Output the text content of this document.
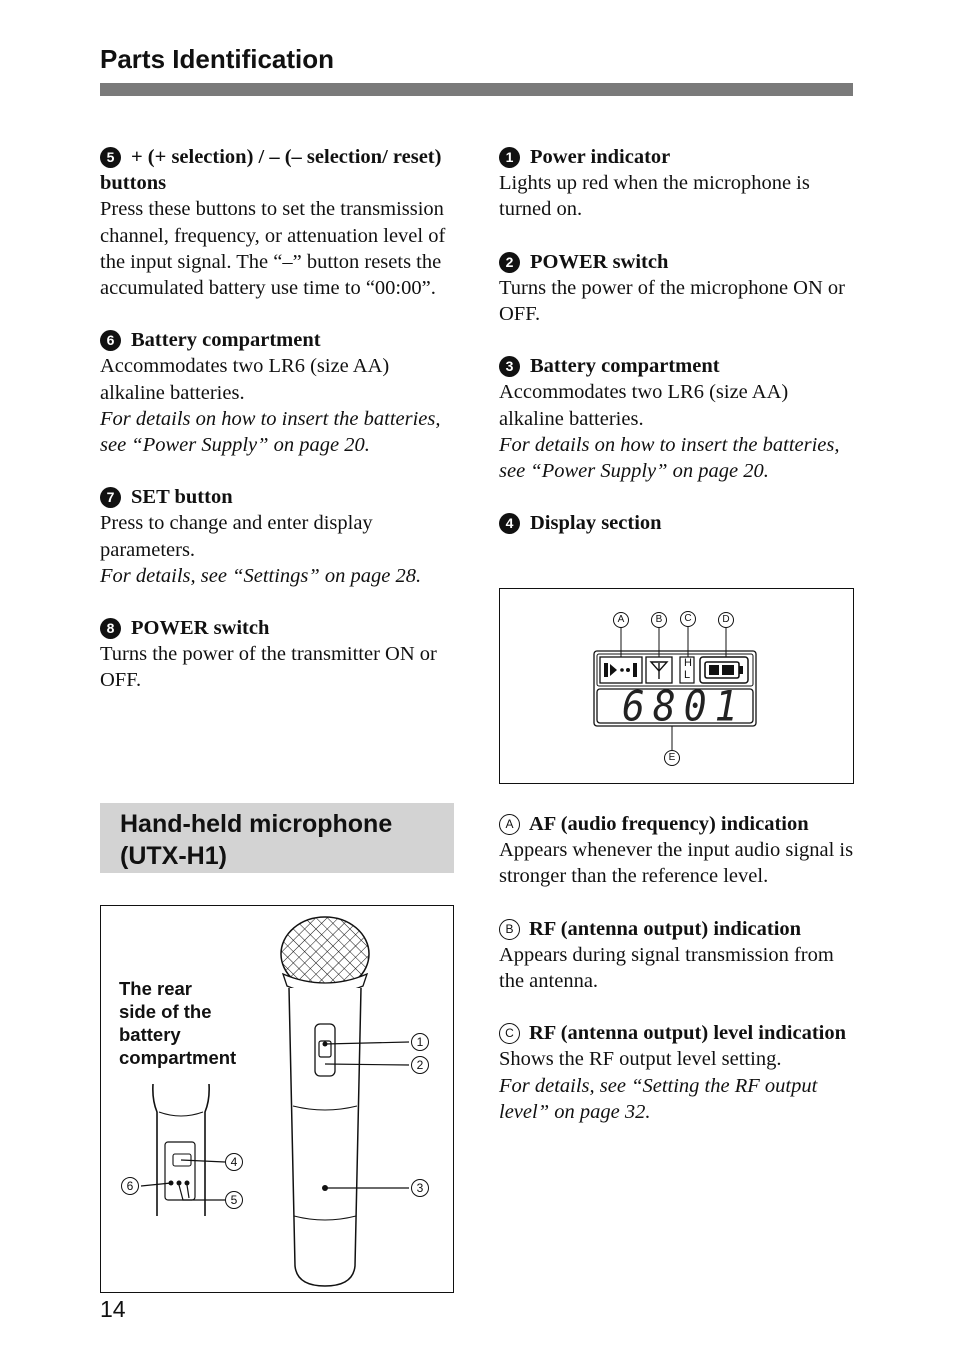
Parts Identification
5 + (+ selection) / – (– selection/ reset) buttons
Press these buttons to set the transmission channel, frequency, or attenuation level of the input signal. The “–” button resets the accumulated battery use time to “00:00”.
6 Battery compartment
Accommodates two LR6 (size AA) alkaline batteries.
For details on how to insert the batteries, see “Power Supply” on page 20.
7 SET button
Press to change and enter display parameters.
For details, see “Settings” on page 28.
8 POWER switch
Turns the power of the transmitter ON or OFF.
Hand-held microphone
(UTX-H1)
The rear
side of the
battery
compartment
1
2
3
4
5
6
1 Power indicator
Lights up red when the microphone is turned on.
2 POWER switch
Turns the power of the microphone ON or OFF.
3 Battery compartment
Accommodates two LR6 (size AA) alkaline batteries.
For details on how to insert the batteries, see “Power Supply” on page 20.
4 Display section
H
L
6801
A	B	C	D
E
A AF (audio frequency) indication
Appears whenever the input audio signal is stronger than the reference level.
B RF (antenna output) indication
Appears during signal transmission from the antenna.
C RF (antenna output) level indication
Shows the RF output level setting.
For details, see “Setting the RF output level” on page 32.
14
